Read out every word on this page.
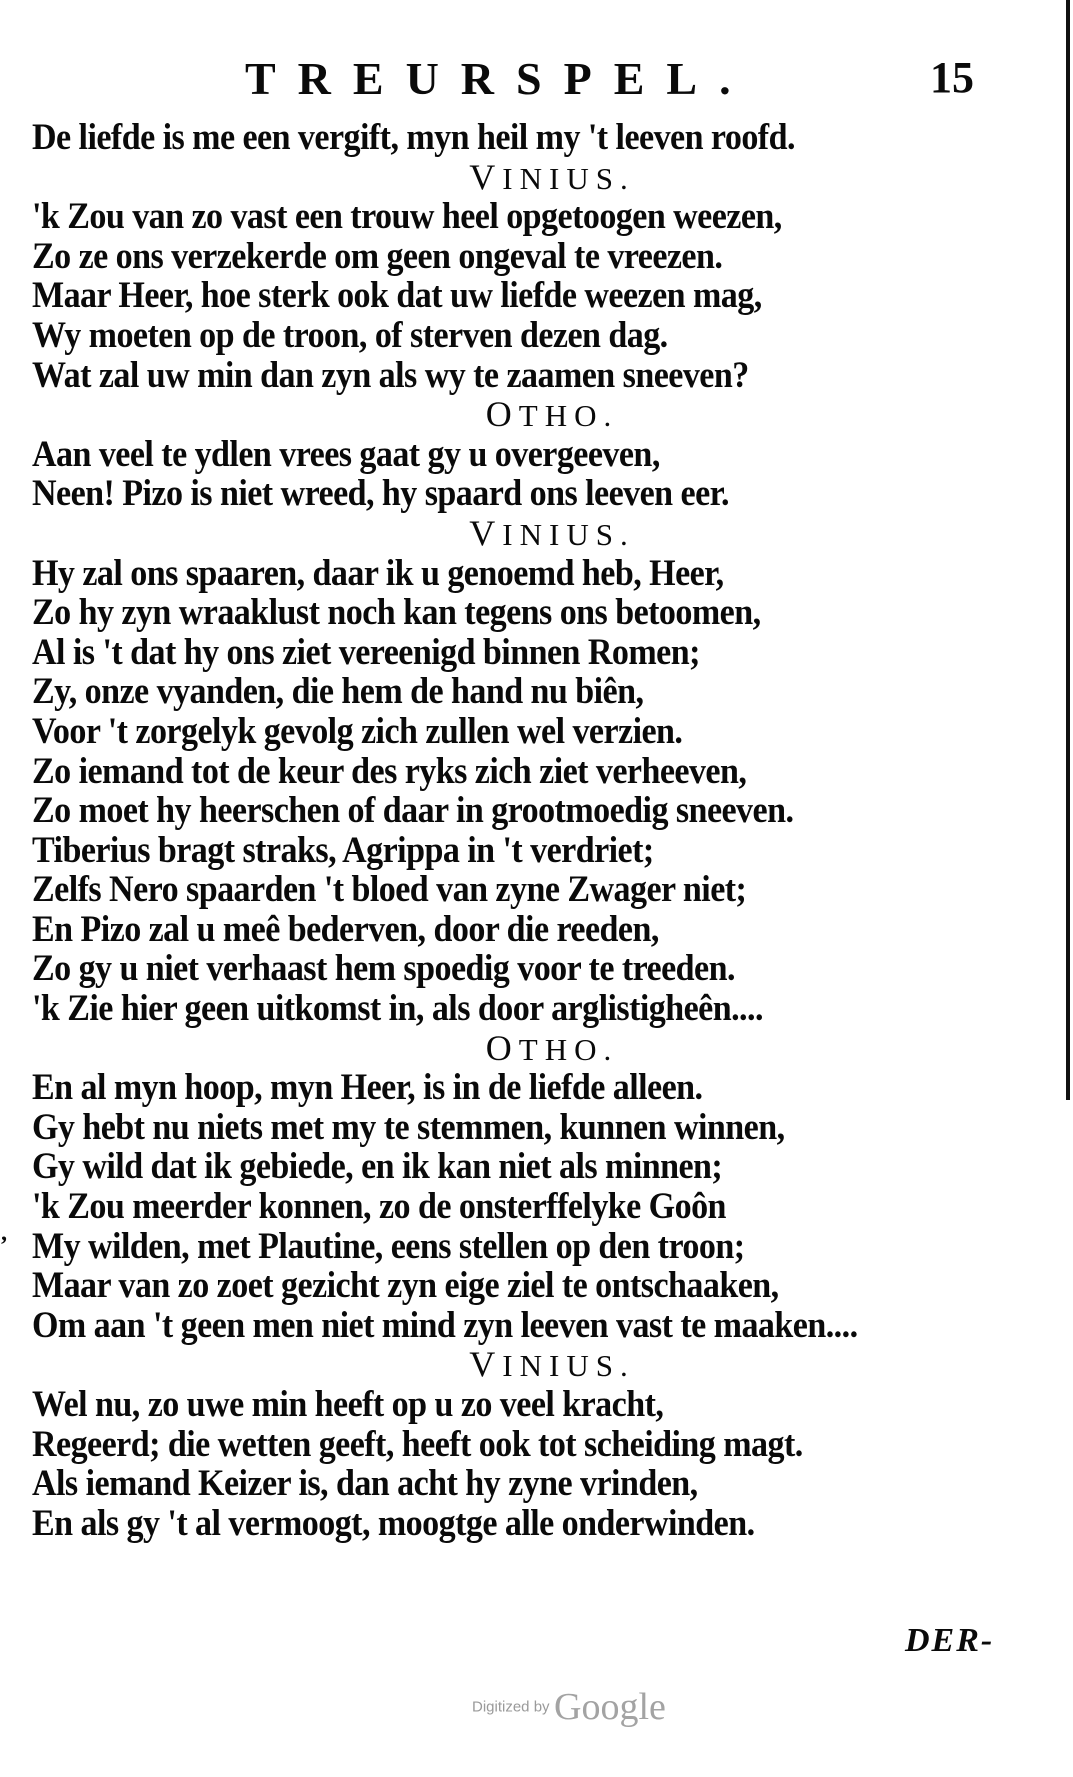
TREURSPEL.	15
‚
De liefde is me een vergift, myn heil my 't leeven roofd.
VINIUS.
'k Zou van zo vast een trouw heel opgetoogen weezen,
Zo ze ons verzekerde om geen ongeval te vreezen.
Maar Heer, hoe sterk ook dat uw liefde weezen mag,
Wy moeten op de troon, of sterven dezen dag.
Wat zal uw min dan zyn als wy te zaamen sneeven?
OTHO.
Aan veel te ydlen vrees gaat gy u overgeeven,
Neen! Pizo is niet wreed, hy spaard ons leeven eer.
VINIUS.
Hy zal ons spaaren, daar ik u genoemd heb, Heer,
Zo hy zyn wraaklust noch kan tegens ons betoomen,
Al is 't dat hy ons ziet vereenigd binnen Romen;
Zy, onze vyanden, die hem de hand nu biên,
Voor 't zorgelyk gevolg zich zullen wel verzien.
Zo iemand tot de keur des ryks zich ziet verheeven,
Zo moet hy heerschen of daar in grootmoedig sneeven.
Tiberius bragt straks, Agrippa in 't verdriet;
Zelfs Nero spaarden 't bloed van zyne Zwager niet;
En Pizo zal u meê bederven, door die reeden,
Zo gy u niet verhaast hem spoedig voor te treeden.
'k Zie hier geen uitkomst in, als door arglistigheên....
OTHO.
En al myn hoop, myn Heer, is in de liefde alleen.
Gy hebt nu niets met my te stemmen, kunnen winnen,
Gy wild dat ik gebiede, en ik kan niet als minnen;
'k Zou meerder konnen, zo de onsterffelyke Goôn
My wilden, met Plautine, eens stellen op den troon;
Maar van zo zoet gezicht zyn eige ziel te ontschaaken,
Om aan 't geen men niet mind zyn leeven vast te maaken....
VINIUS.
Wel nu, zo uwe min heeft op u zo veel kracht,
Regeerd; die wetten geeft, heeft ook tot scheiding magt.
Als iemand Keizer is, dan acht hy zyne vrinden,
En als gy 't al vermoogt, moogtge alle onderwinden.
DER-
Digitized by Google
